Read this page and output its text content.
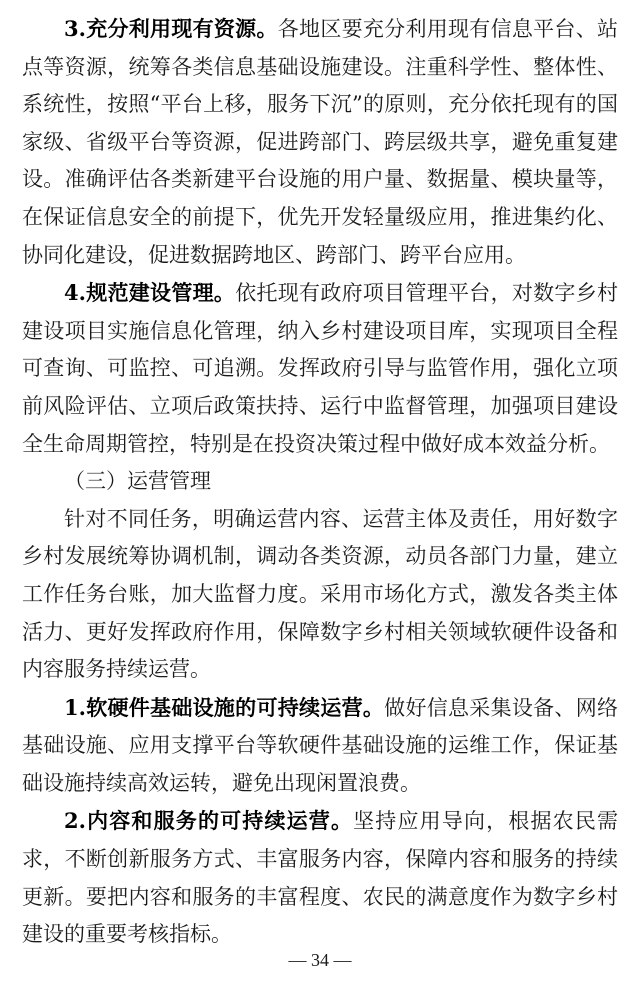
3.充分利用现有资源。各地区要充分利用现有信息平台、站点等资源，统筹各类信息基础设施建设。注重科学性、整体性、系统性，按照“平台上移，服务下沉”的原则，充分依托现有的国家级、省级平台等资源，促进跨部门、跨层级共享，避免重复建设。准确评估各类新建平台设施的用户量、数据量、模块量等，在保证信息安全的前提下，优先开发轻量级应用，推进集约化、协同化建设，促进数据跨地区、跨部门、跨平台应用。

4.规范建设管理。依托现有政府项目管理平台，对数字乡村建设项目实施信息化管理，纳入乡村建设项目库，实现项目全程可查询、可监控、可追溯。发挥政府引导与监管作用，强化立项前风险评估、立项后政策扶持、运行中监督管理，加强项目建设全生命周期管控，特别是在投资决策过程中做好成本效益分析。

（三）运营管理

针对不同任务，明确运营内容、运营主体及责任，用好数字乡村发展统筹协调机制，调动各类资源，动员各部门力量，建立工作任务台账，加大监督力度。采用市场化方式，激发各类主体活力、更好发挥政府作用，保障数字乡村相关领域软硬件设备和内容服务持续运营。

1.软硬件基础设施的可持续运营。做好信息采集设备、网络基础设施、应用支撑平台等软硬件基础设施的运维工作，保证基础设施持续高效运转，避免出现闲置浪费。

2.内容和服务的可持续运营。坚持应用导向，根据农民需求，不断创新服务方式、丰富服务内容，保障内容和服务的持续更新。要把内容和服务的丰富程度、农民的满意度作为数字乡村建设的重要考核指标。

— 34 —
